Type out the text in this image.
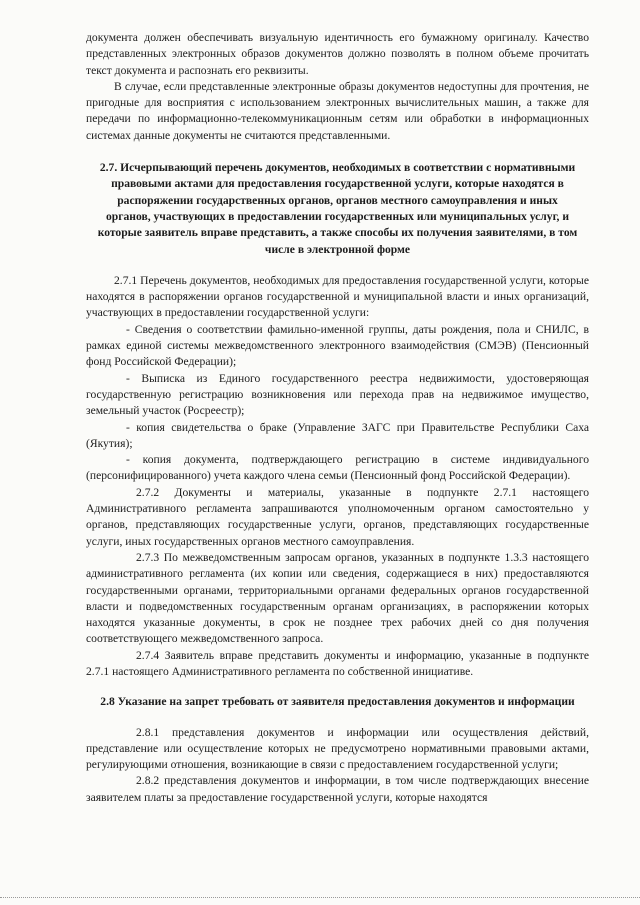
документа должен обеспечивать визуальную идентичность его бумажному оригиналу. Качество представленных электронных образов документов должно позволять в полном объеме прочитать текст документа и распознать его реквизиты.

В случае, если представленные электронные образы документов недоступны для прочтения, не пригодные для восприятия с использованием электронных вычислительных машин, а также для передачи по информационно-телекоммуникационным сетям или обработки в информационных системах данные документы не считаются представленными.

2.7. Исчерпывающий перечень документов, необходимых в соответствии с нормативными правовыми актами для предоставления государственной услуги, которые находятся в распоряжении государственных органов, органов местного самоуправления и иных органов, участвующих в предоставлении государственных или муниципальных услуг, и которые заявитель вправе представить, а также способы их получения заявителями, в том числе в электронной форме

2.7.1 Перечень документов, необходимых для предоставления государственной услуги, которые находятся в распоряжении органов государственной и муниципальной власти и иных организаций, участвующих в предоставлении государственной услуги:

- Сведения о соответствии фамильно-именной группы, даты рождения, пола и СНИЛС, в рамках единой системы межведомственного электронного взаимодействия (СМЭВ) (Пенсионный фонд Российской Федерации);

- Выписка из Единого государственного реестра недвижимости, удостоверяющая государственную регистрацию возникновения или перехода прав на недвижимое имущество, земельный участок (Росреестр);

- копия свидетельства о браке (Управление ЗАГС при Правительстве Республики Саха (Якутия);

- копия документа, подтверждающего регистрацию в системе индивидуального (персонифицированного) учета каждого члена семьи (Пенсионный фонд Российской Федерации).

2.7.2 Документы и материалы, указанные в подпункте 2.7.1 настоящего Административного регламента запрашиваются уполномоченным органом самостоятельно у органов, представляющих государственные услуги, органов, представляющих государственные услуги, иных государственных органов местного самоуправления.

2.7.3 По межведомственным запросам органов, указанных в подпункте 1.3.3 настоящего административного регламента (их копии или сведения, содержащиеся в них) предоставляются государственными органами, территориальными органами федеральных органов государственной власти и подведомственных государственным органам организациях, в распоряжении которых находятся указанные документы, в срок не позднее трех рабочих дней со дня получения соответствующего межведомственного запроса.

2.7.4 Заявитель вправе представить документы и информацию, указанные в подпункте 2.7.1 настоящего Административного регламента по собственной инициативе.

2.8 Указание на запрет требовать от заявителя предоставления документов и информации

2.8.1 представления документов и информации или осуществления действий, представление или осуществление которых не предусмотрено нормативными правовыми актами, регулирующими отношения, возникающие в связи с предоставлением государственной услуги;

2.8.2 представления документов и информации, в том числе подтверждающих внесение заявителем платы за предоставление государственной услуги, которые находятся
